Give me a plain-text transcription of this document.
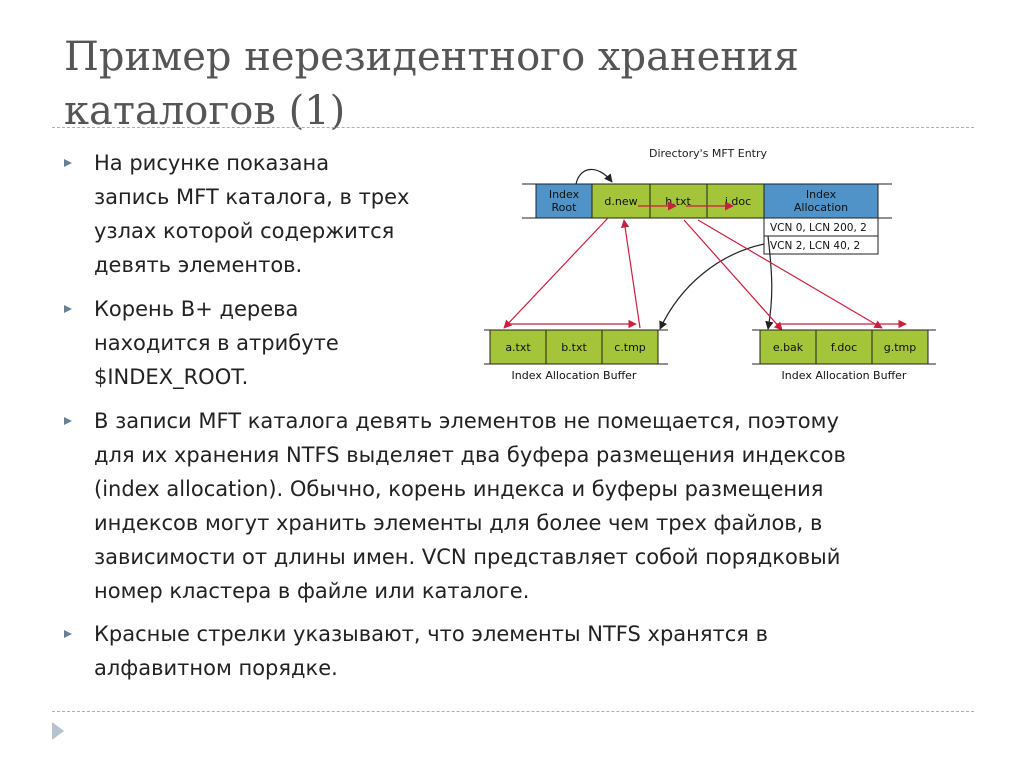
Пример нерезидентного хранения
каталогов (1)
На рисунке показана
запись MFT каталога, в трех
узлах которой содержится
девять элементов.
Корень B+ дерева
находится в атрибуте
$INDEX_ROOT.
В записи MFT каталога девять элементов не помещается, поэтому
для их хранения NTFS выделяет два буфера размещения индексов
(index allocation). Обычно, корень индекса и буферы размещения
индексов могут хранить элементы для более чем трех файлов, в
зависимости от длины имен. VCN представляет собой порядковый
номер кластера в файле или каталоге.
Красные стрелки указывают, что элементы NTFS хранятся в
алфавитном порядке.
Directory's MFT Entry
Index
Root	d.new	h.txt	i.doc
Index
Allocation
VCN 0, LCN 200, 2
VCN 2, LCN 40, 2
a.txt	b.txt c.tmp
Index Allocation Buffer
e.bak	f.doc g.tmp
Index Allocation Buffer
